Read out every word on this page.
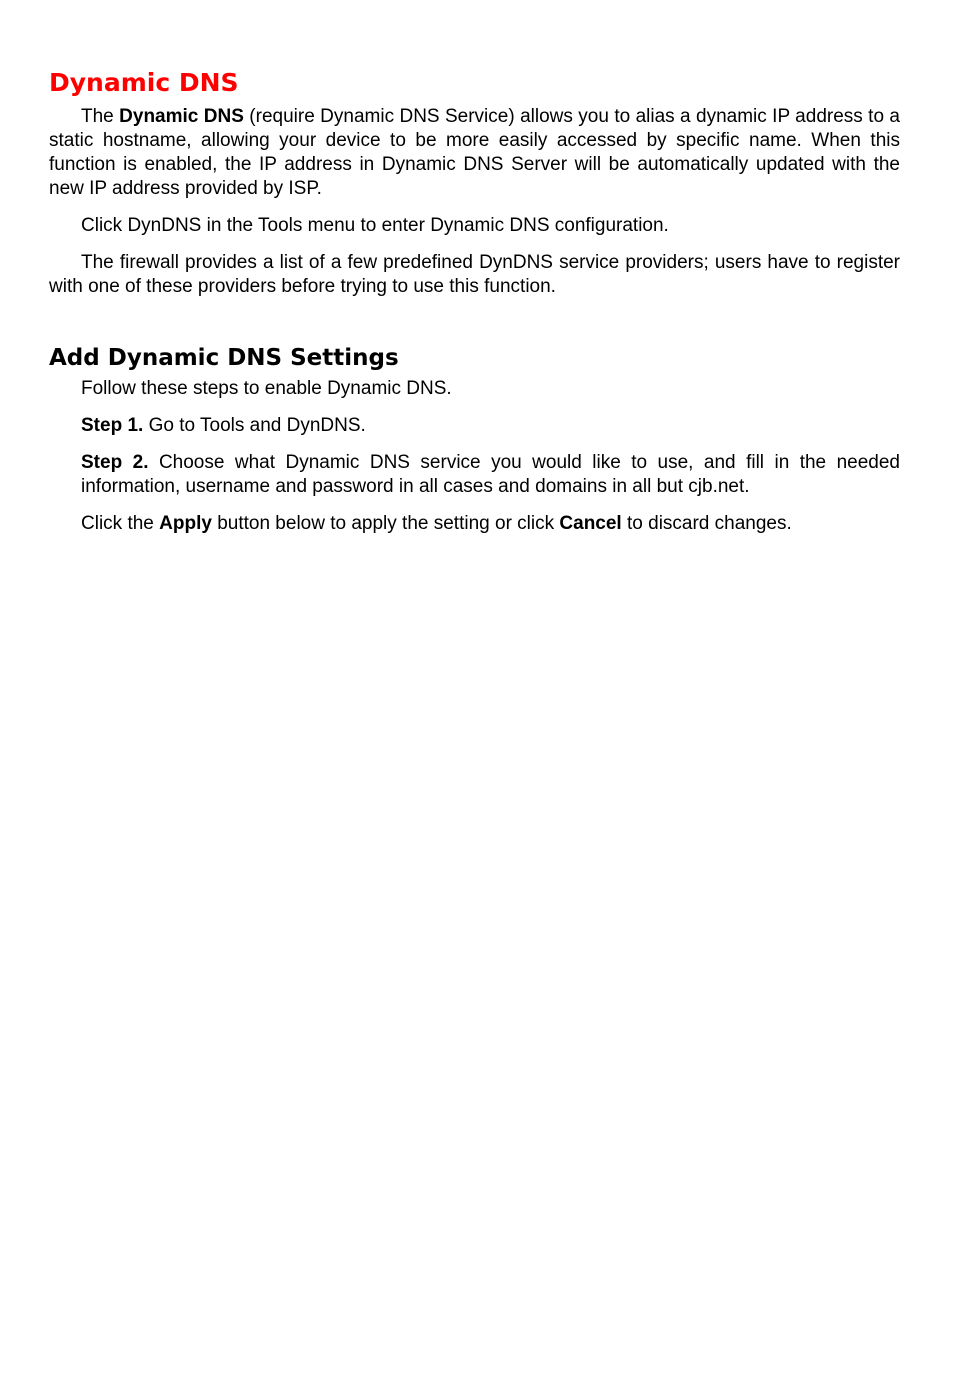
Dynamic DNS

The Dynamic DNS (require Dynamic DNS Service) allows you to alias a dynamic IP address to a static hostname, allowing your device to be more easily accessed by specific name. When this function is enabled, the IP address in Dynamic DNS Server will be automatically updated with the new IP address provided by ISP.

Click DynDNS in the Tools menu to enter Dynamic DNS configuration.

The firewall provides a list of a few predefined DynDNS service providers; users have to register with one of these providers before trying to use this function.

Add Dynamic DNS Settings

Follow these steps to enable Dynamic DNS.

Step 1. Go to Tools and DynDNS.

Step 2. Choose what Dynamic DNS service you would like to use, and fill in the needed information, username and password in all cases and domains in all but cjb.net.

Click the Apply button below to apply the setting or click Cancel to discard changes.
